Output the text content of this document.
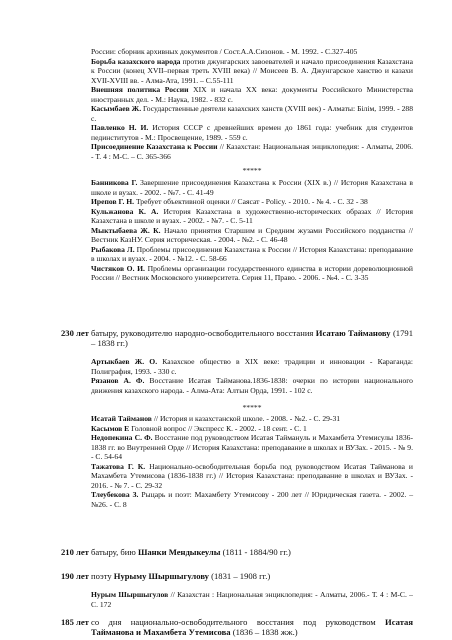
России: сборник архивных документов / Сост.А.А.Сизонов. - М. 1992. - С.327-405

Борьба казахского народа против джунгарских завоевателей и начало присоединения Казахстана к России (конец XVII–первая треть XVIII века) // Моисеев В. А. Джунгарское ханство и казахи XVII-XVIII вв. - Алма-Ата, 1991. – С.55-111

Внешняя политика России XIX и начала XX века: документы Российского Министерства иностранных дел. - М.: Наука, 1982. - 832 с.

Касымбаев Ж. Государственные деятели казахских ханств (XVIII век) - Алматы: Білім, 1999. - 288 с.

Павленко Н. И. История СССР с древнейших времен до 1861 года: учебник для студентов пединститутов - М.: Просвещение, 1989. - 559 с.

Присоединение Казахстана к России // Казахстан: Национальная энциклопедия: - Алматы, 2006. - Т. 4 : М-С. – С. 365-366

*****

Банникова Г. Завершение присоединения Казахстана к России (XIX в.) // История Казахстана в школе и вузах. - 2002. - №7. - С. 41-49

Ирепов Г. Н. Требует объективной оценки // Саясат - Policy. - 2010. - № 4. - С. 32 - 38

Кульжанова К. А. История Казахстана в художественно-исторических образах // История Казахстана в школе и вузах. - 2002. - №7. - С. 5-11

Мыктыбаева Ж. К. Начало принятия Старшим и Средним жузами Российского подданства // Вестник КазНУ. Серия историческая. - 2004. - №2. - С. 46-48

Рыбакова Л. Проблемы присоединения Казахстана к России // История Казахстана: преподавание в школах и вузах. - 2004. - №12. - С. 58-66

Чистяков О. И. Проблемы организации государственного единства в истории дореволюционной России // Вестник Московского университета. Серия 11, Право. - 2006. - №4. - С. 3-35

230 лет батыру, руководителю народно-освободительного восстания Исатаю Тайманову (1791 – 1838 гг.)

Артыкбаев Ж. О. Казахское общество в XIX веке: традиции и инновации - Караганда: Полиграфия, 1993. - 330 с.

Рязанов А. Ф. Восстание Исатая Тайманова.1836-1838: очерки по истории национального движения казахского народа. - Алма-Ата: Алтын Орда, 1991. - 102 с.

*****

Исатай Тайманов // История и казахстанской школе. - 2008. - №2. - С. 29-31

Касымов Е Головной вопрос // Экспресс К. - 2002. - 18 сент. - С. 1

Недопекина С. Ф. Восстание под руководством Исатая Таймануль и Махамбета Утемисулы 1836-1838 гг. во Внутренней Орде // История Казахстана: преподавание в школах и ВУЗах. - 2015. - № 9. - С. 54-64

Тажатова Г. К. Национально-освободительная борьба под руководством Исатая Тайманова и Махамбета Утемисова (1836-1838 гг.) // История Казахстана: преподавание в школах и ВУЗах. - 2016. - № 7. - С. 29-32

Тлеубекова З. Рыцарь и поэт: Махамбету Утемисову - 200 лет // Юридическая газета. - 2002. – №26. - С. 8

210 лет батыру, бию Шанки Мендыкеулы (1811 - 1884/90 гг.)

190 лет поэту Нурыму Шыршыгулову (1831 – 1908 гг.)

Нурым Шыршыгулов // Казахстан : Национальная энциклопедия: - Алматы, 2006.- Т. 4 : М-С. – С. 172

185 лет со дня национально-освободительного восстания под руководством Исатая Тайманова и Махамбета Утемисова (1836 – 1838 жж.)
